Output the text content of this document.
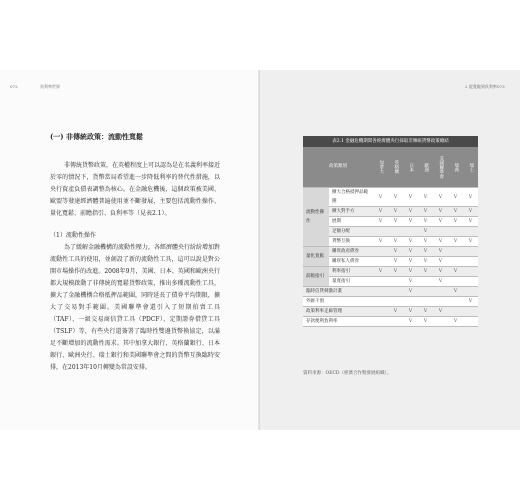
072	負利率世界
(一) 非傳統政策：流動性寬鬆

非傳統貨幣政策，在英權程度上可以認為是在名義利率接近於零的情況下，貨幣當局希望進一步降低利率的替代性措施，以央行資產負債表調整為核心。在金融危機後，這個政策被美國、歐盟等發達經濟體普遍使用並不斷發展，主要包括流動性操作、量化寬鬆、前瞻指引、負利率等（見表2.1）。

（1）流動性操作

為了緩解金融機構的流動性壓力，各經濟體央行紛紛增加對流動性工具的使用，並創設了新的流動性工具，這可以說是對公開市場操作的改進。2008年9月，美國、日本、英國和歐洲央行都大規模啟動了非傳統的寬鬆貨幣政策，推出多種流動性工具，擴大了金融機構合格抵押品範圍，同時延長了債券平均期限，擴大了交易對手範圍。美國聯準會還引入了短期拍賣工具（TAF）、一級交易商信貸工具（PDCF）、定期證券借貸工具（TSLF）等，有些央行還簽署了臨時性雙邊貨幣換協定，以滿足不斷增加的流動性需求。其中加拿大銀行、英格蘭銀行、日本銀行、歐洲央行、瑞士銀行和美國聯準會之間的貨幣互換臨時安排，在2013年10月轉變為常設安排。

2 從寬鬆到負利率 073
表2.1 金融危機期間各經濟體央行採取非傳統貨幣政策總結
政策類別		加拿大	英格蘭	日本	歐洲	美國聯準會	瑞典	瑞士
流動性操作	擴大合格抵押品範圍	V	V	V	V	V	V	V
	擴大對手方	V	V	V	V	V	V	V
	展期	V	V	V	V	V	V	V
	足額分配				V			
	貨幣互換	V	V	V	V	V	V	V
量化寬鬆	購買政府債券		V	V	V	V		
	購買私人債券		V	V	V	V		
前瞻指引	利率指引	V	V	V	V	V	V	
	量寬指引			V		V		
臨時信貸刺激計畫				V			V	
外匯干預								V
政策利率走廊管理			V	V	V	V		
存款便利負利率				V	V		V	
資料來源：OECD（經濟合作暨發展組織）。
